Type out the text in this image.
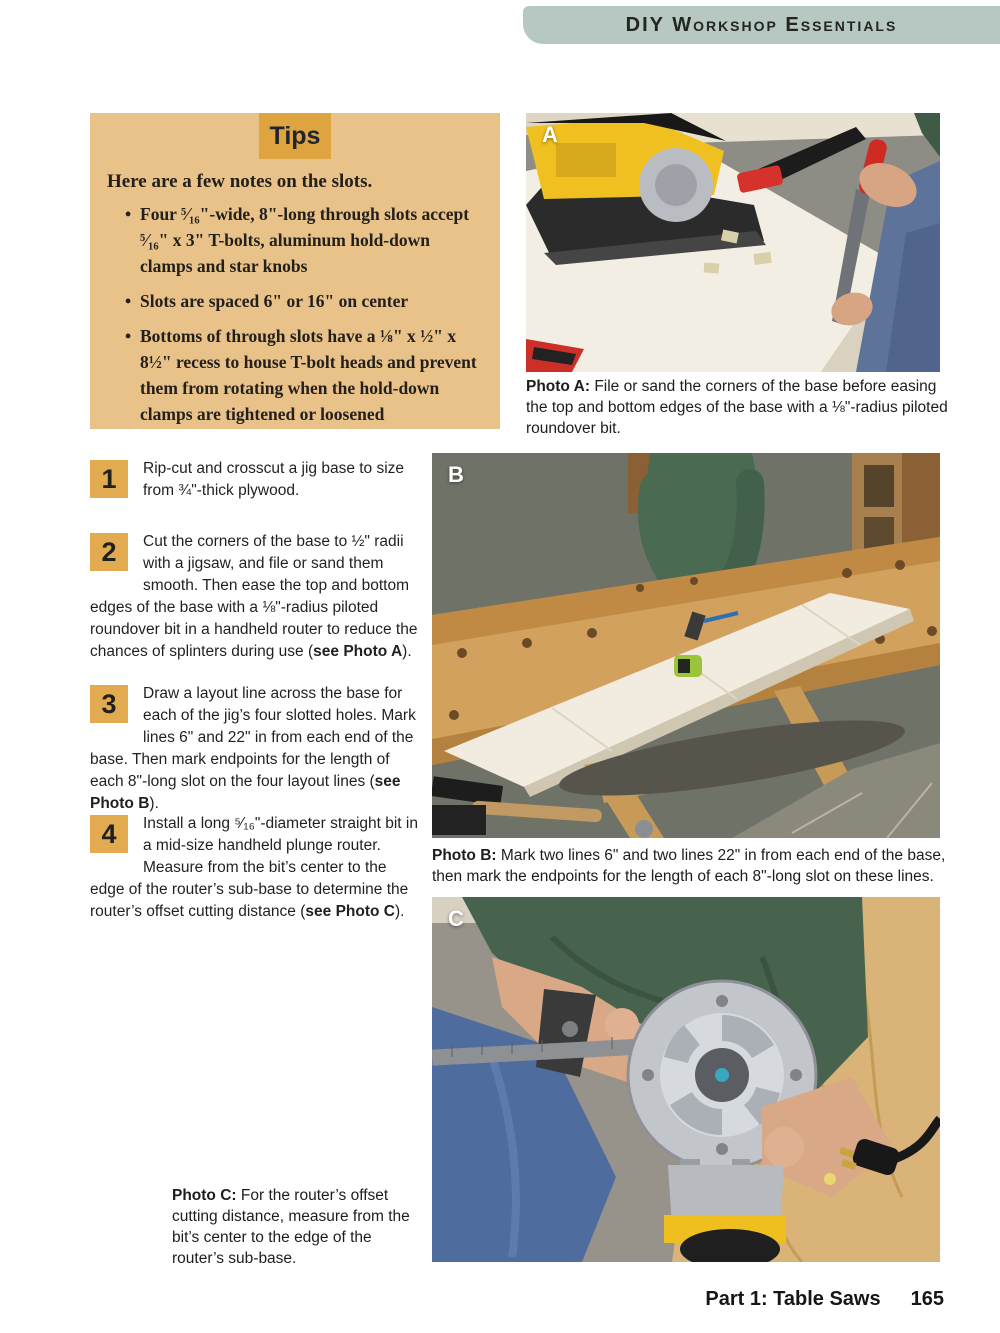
DIY Workshop Essentials
Tips

Here are a few notes on the slots.

• Four ⁵⁄₁₆"-wide, 8"-long through slots accept ⁵⁄₁₆" x 3" T-bolts, aluminum hold-down clamps and star knobs
• Slots are spaced 6" or 16" on center
• Bottoms of through slots have a ⅛" x ½" x 8½" recess to house T-bolt heads and prevent them from rotating when the hold-down clamps are tightened or loosened
1	Rip-cut and crosscut a jig base to size from ¾"-thick plywood.
2	Cut the corners of the base to ½" radii with a jigsaw, and file or sand them smooth. Then ease the top and bottom edges of the base with a ⅛"-radius piloted roundover bit in a handheld router to reduce the chances of splinters during use (see Photo A).
3	Draw a layout line across the base for each of the jig’s four slotted holes. Mark lines 6" and 22" in from each end of the base. Then mark endpoints for the length of each 8"-long slot on the four layout lines (see Photo B).
4	Install a long ⁵⁄₁₆"-diameter straight bit in a mid-size handheld plunge router. Measure from the bit’s center to the edge of the router’s sub-base to determine the router’s offset cutting distance (see Photo C).
A

Photo A: File or sand the corners of the base before easing the top and bottom edges of the base with a ⅛"-radius piloted roundover bit.

B

Photo B: Mark two lines 6" and two lines 22" in from each end of the base, then mark the endpoints for the length of each 8"-long slot on these lines.

C

Photo C: For the router’s offset cutting distance, measure from the bit’s center to the edge of the router’s sub-base.

Part 1: Table Saws 165
